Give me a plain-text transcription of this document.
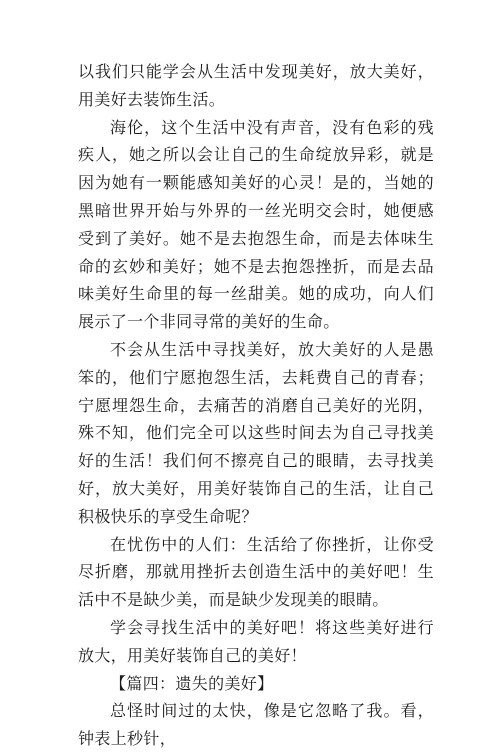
以我们只能学会从生活中发现美好，放大美好，用美好去装饰生活。

海伦，这个生活中没有声音，没有色彩的残疾人，她之所以会让自己的生命绽放异彩，就是因为她有一颗能感知美好的心灵！是的，当她的黑暗世界开始与外界的一丝光明交会时，她便感受到了美好。她不是去抱怨生命，而是去体味生命的玄妙和美好；她不是去抱怨挫折，而是去品味美好生命里的每一丝甜美。她的成功，向人们展示了一个非同寻常的美好的生命。

不会从生活中寻找美好，放大美好的人是愚笨的，他们宁愿抱怨生活，去耗费自己的青春；宁愿埋怨生命，去痛苦的消磨自己美好的光阴，殊不知，他们完全可以这些时间去为自己寻找美好的生活！我们何不擦亮自己的眼睛，去寻找美好，放大美好，用美好装饰自己的生活，让自己积极快乐的享受生命呢？

在忧伤中的人们：生活给了你挫折，让你受尽折磨，那就用挫折去创造生活中的美好吧！生活中不是缺少美，而是缺少发现美的眼睛。

学会寻找生活中的美好吧！将这些美好进行放大，用美好装饰自己的美好！

【篇四：遗失的美好】

总怪时间过的太快，像是它忽略了我。看，钟表上秒针，
